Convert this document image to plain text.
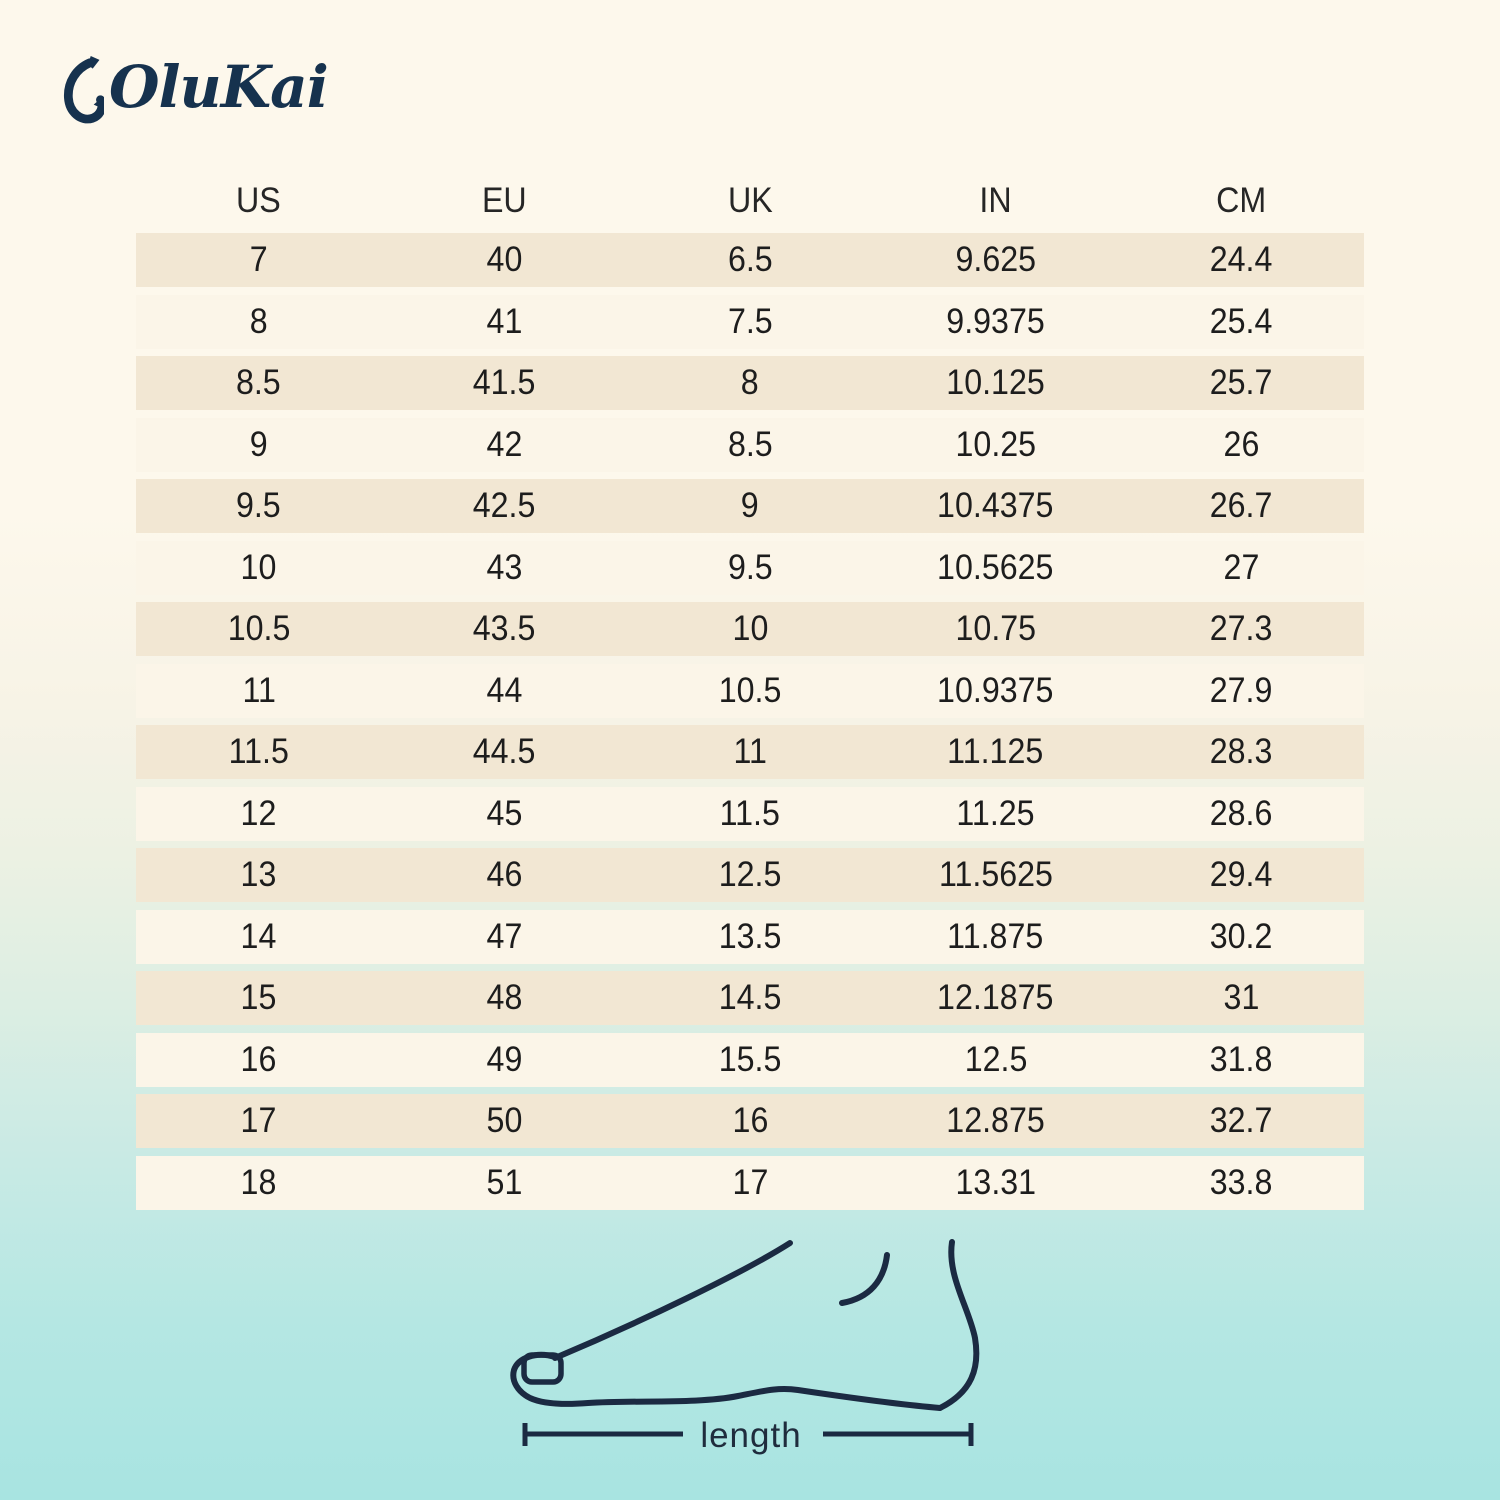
OluKai
US	EU	UK	IN	CM
7	40	6.5	9.625	24.4
8	41	7.5	9.9375	25.4
8.5	41.5	8	10.125	25.7
9	42	8.5	10.25	26
9.5	42.5	9	10.4375	26.7
10	43	9.5	10.5625	27
10.5	43.5	10	10.75	27.3
11	44	10.5	10.9375	27.9
11.5	44.5	11	11.125	28.3
12	45	11.5	11.25	28.6
13	46	12.5	11.5625	29.4
14	47	13.5	11.875	30.2
15	48	14.5	12.1875	31
16	49	15.5	12.5	31.8
17	50	16	12.875	32.7
18	51	17	13.31	33.8
length
